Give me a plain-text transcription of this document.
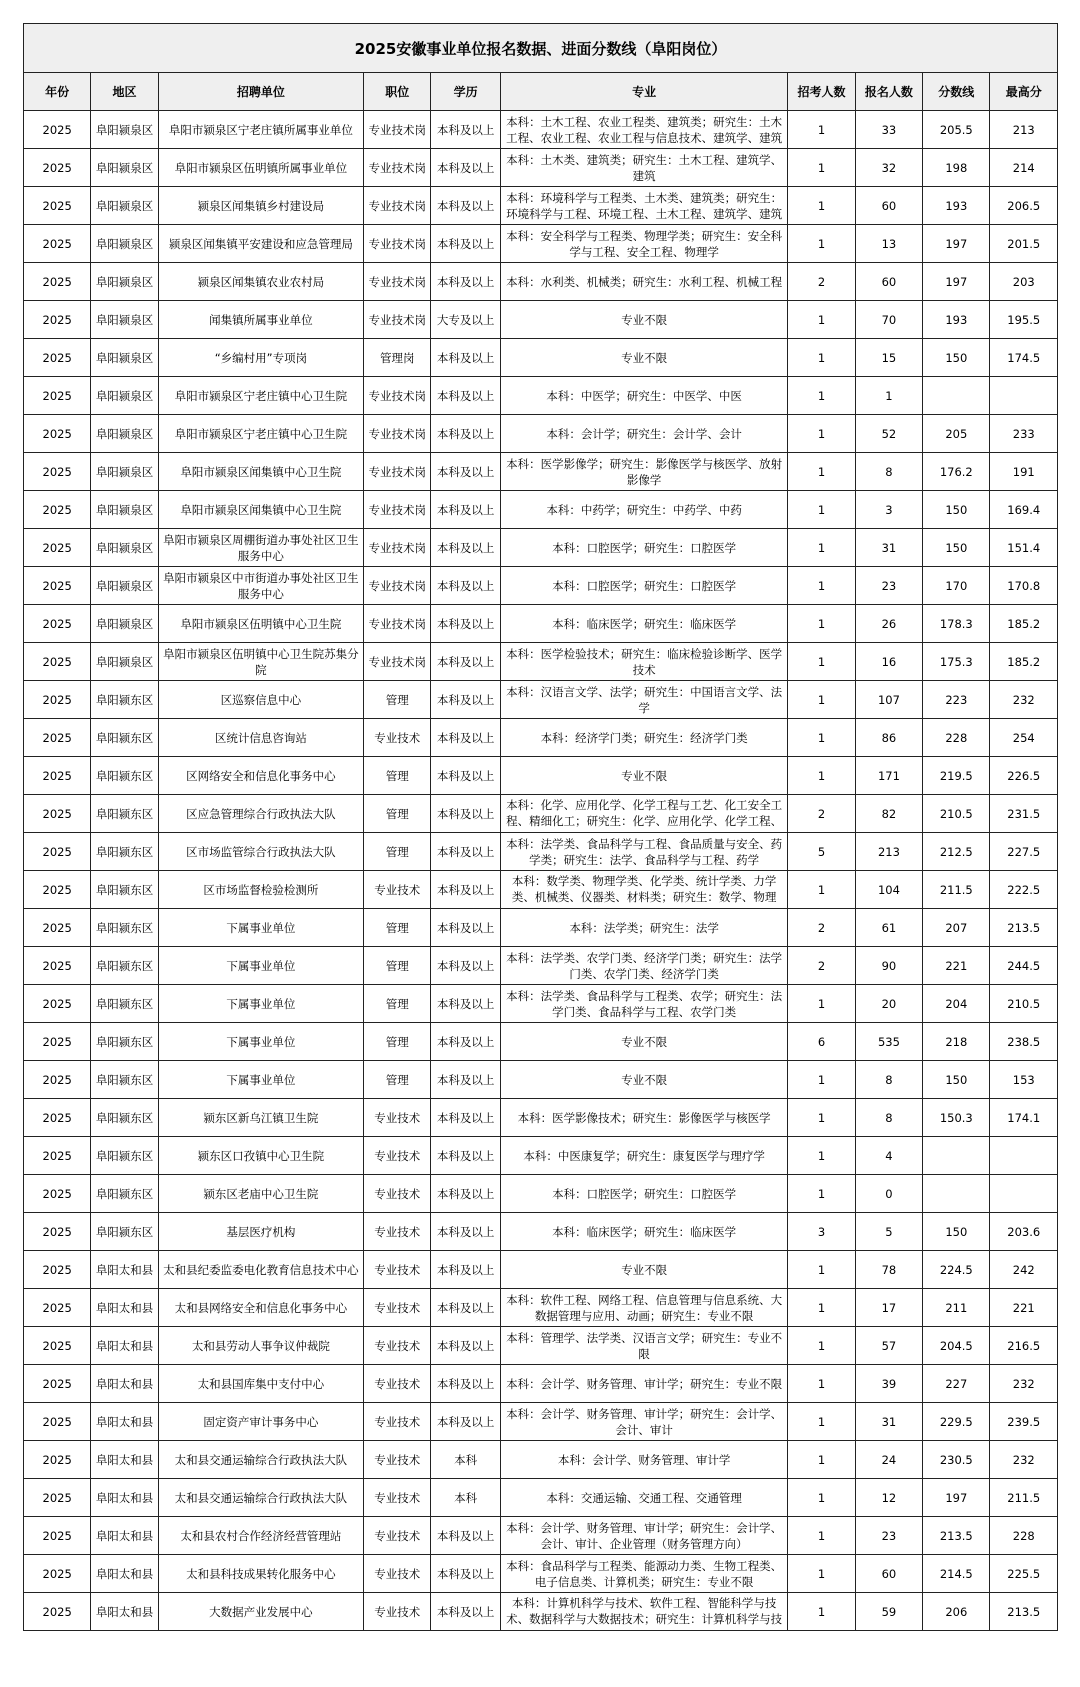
2025安徽事业单位报名数据、进面分数线（阜阳岗位）									
年份	地区	招聘单位	职位	学历	专业	招考人数	报名人数	分数线	最高分

2025	阜阳颍泉区	阜阳市颍泉区宁老庄镇所属事业单位	专业技术岗	本科及以上	本科：土木工程、农业工程类、建筑类；研究生：土木工程、农业工程、农业工程与信息技术、建筑学、建筑	1	33	205.5	213

2025	阜阳颍泉区	阜阳市颍泉区伍明镇所属事业单位	专业技术岗	本科及以上	本科：土木类、建筑类；研究生：土木工程、建筑学、建筑	1	32	198	214

2025	阜阳颍泉区	颍泉区闻集镇乡村建设局	专业技术岗	本科及以上	本科：环境科学与工程类、土木类、建筑类；研究生：环境科学与工程、环境工程、土木工程、建筑学、建筑	1	60	193	206.5

2025	阜阳颍泉区	颍泉区闻集镇平安建设和应急管理局	专业技术岗	本科及以上	本科：安全科学与工程类、物理学类；研究生：安全科学与工程、安全工程、物理学	1	13	197	201.5

2025	阜阳颍泉区	颍泉区闻集镇农业农村局	专业技术岗	本科及以上	本科：水利类、机械类；研究生：水利工程、机械工程	2	60	197	203

2025	阜阳颍泉区	闻集镇所属事业单位	专业技术岗	大专及以上	专业不限	1	70	193	195.5

2025	阜阳颍泉区	“乡编村用”专项岗	管理岗	本科及以上	专业不限	1	15	150	174.5

2025	阜阳颍泉区	阜阳市颍泉区宁老庄镇中心卫生院	专业技术岗	本科及以上	本科：中医学；研究生：中医学、中医	1	1		

2025	阜阳颍泉区	阜阳市颍泉区宁老庄镇中心卫生院	专业技术岗	本科及以上	本科：会计学；研究生：会计学、会计	1	52	205	233

2025	阜阳颍泉区	阜阳市颍泉区闻集镇中心卫生院	专业技术岗	本科及以上	本科：医学影像学；研究生：影像医学与核医学、放射影像学	1	8	176.2	191

2025	阜阳颍泉区	阜阳市颍泉区闻集镇中心卫生院	专业技术岗	本科及以上	本科：中药学；研究生：中药学、中药	1	3	150	169.4

2025	阜阳颍泉区	阜阳市颍泉区周棚街道办事处社区卫生服务中心	专业技术岗	本科及以上	本科：口腔医学；研究生：口腔医学	1	31	150	151.4

2025	阜阳颍泉区	阜阳市颍泉区中市街道办事处社区卫生服务中心	专业技术岗	本科及以上	本科：口腔医学；研究生：口腔医学	1	23	170	170.8

2025	阜阳颍泉区	阜阳市颍泉区伍明镇中心卫生院	专业技术岗	本科及以上	本科：临床医学；研究生：临床医学	1	26	178.3	185.2

2025	阜阳颍泉区	阜阳市颍泉区伍明镇中心卫生院苏集分院	专业技术岗	本科及以上	本科：医学检验技术；研究生：临床检验诊断学、医学技术	1	16	175.3	185.2

2025	阜阳颍东区	区巡察信息中心	管理	本科及以上	本科：汉语言文学、法学；研究生：中国语言文学、法学	1	107	223	232

2025	阜阳颍东区	区统计信息咨询站	专业技术	本科及以上	本科：经济学门类；研究生：经济学门类	1	86	228	254

2025	阜阳颍东区	区网络安全和信息化事务中心	管理	本科及以上	专业不限	1	171	219.5	226.5

2025	阜阳颍东区	区应急管理综合行政执法大队	管理	本科及以上	本科：化学、应用化学、化学工程与工艺、化工安全工程、精细化工；研究生：化学、应用化学、化学工程、	2	82	210.5	231.5

2025	阜阳颍东区	区市场监管综合行政执法大队	管理	本科及以上	本科：法学类、食品科学与工程、食品质量与安全、药学类；研究生：法学、食品科学与工程、药学	5	213	212.5	227.5

2025	阜阳颍东区	区市场监督检验检测所	专业技术	本科及以上	本科：数学类、物理学类、化学类、统计学类、力学类、机械类、仪器类、材料类；研究生：数学、物理	1	104	211.5	222.5

2025	阜阳颍东区	下属事业单位	管理	本科及以上	本科：法学类；研究生：法学	2	61	207	213.5

2025	阜阳颍东区	下属事业单位	管理	本科及以上	本科：法学类、农学门类、经济学门类；研究生：法学门类、农学门类、经济学门类	2	90	221	244.5

2025	阜阳颍东区	下属事业单位	管理	本科及以上	本科：法学类、食品科学与工程类、农学；研究生：法学门类、食品科学与工程、农学门类	1	20	204	210.5

2025	阜阳颍东区	下属事业单位	管理	本科及以上	专业不限	6	535	218	238.5

2025	阜阳颍东区	下属事业单位	管理	本科及以上	专业不限	1	8	150	153

2025	阜阳颍东区	颍东区新乌江镇卫生院	专业技术	本科及以上	本科：医学影像技术；研究生：影像医学与核医学	1	8	150.3	174.1

2025	阜阳颍东区	颍东区口孜镇中心卫生院	专业技术	本科及以上	本科：中医康复学；研究生：康复医学与理疗学	1	4		

2025	阜阳颍东区	颍东区老庙中心卫生院	专业技术	本科及以上	本科：口腔医学；研究生：口腔医学	1	0		

2025	阜阳颍东区	基层医疗机构	专业技术	本科及以上	本科：临床医学；研究生：临床医学	3	5	150	203.6

2025	阜阳太和县	太和县纪委监委电化教育信息技术中心	专业技术	本科及以上	专业不限	1	78	224.5	242

2025	阜阳太和县	太和县网络安全和信息化事务中心	专业技术	本科及以上	本科：软件工程、网络工程、信息管理与信息系统、大数据管理与应用、动画；研究生：专业不限	1	17	211	221

2025	阜阳太和县	太和县劳动人事争议仲裁院	专业技术	本科及以上	本科：管理学、法学类、汉语言文学；研究生：专业不限	1	57	204.5	216.5

2025	阜阳太和县	太和县国库集中支付中心	专业技术	本科及以上	本科：会计学、财务管理、审计学；研究生：专业不限	1	39	227	232

2025	阜阳太和县	固定资产审计事务中心	专业技术	本科及以上	本科：会计学、财务管理、审计学；研究生：会计学、会计、审计	1	31	229.5	239.5

2025	阜阳太和县	太和县交通运输综合行政执法大队	专业技术	本科	本科：会计学、财务管理、审计学	1	24	230.5	232

2025	阜阳太和县	太和县交通运输综合行政执法大队	专业技术	本科	本科：交通运输、交通工程、交通管理	1	12	197	211.5

2025	阜阳太和县	太和县农村合作经济经营管理站	专业技术	本科及以上	本科：会计学、财务管理、审计学；研究生：会计学、会计、审计、企业管理（财务管理方向）	1	23	213.5	228

2025	阜阳太和县	太和县科技成果转化服务中心	专业技术	本科及以上	本科：食品科学与工程类、能源动力类、生物工程类、电子信息类、计算机类；研究生：专业不限	1	60	214.5	225.5

2025	阜阳太和县	大数据产业发展中心	专业技术	本科及以上	本科：计算机科学与技术、软件工程、智能科学与技术、数据科学与大数据技术；研究生：计算机科学与技	1	59	206	213.5
